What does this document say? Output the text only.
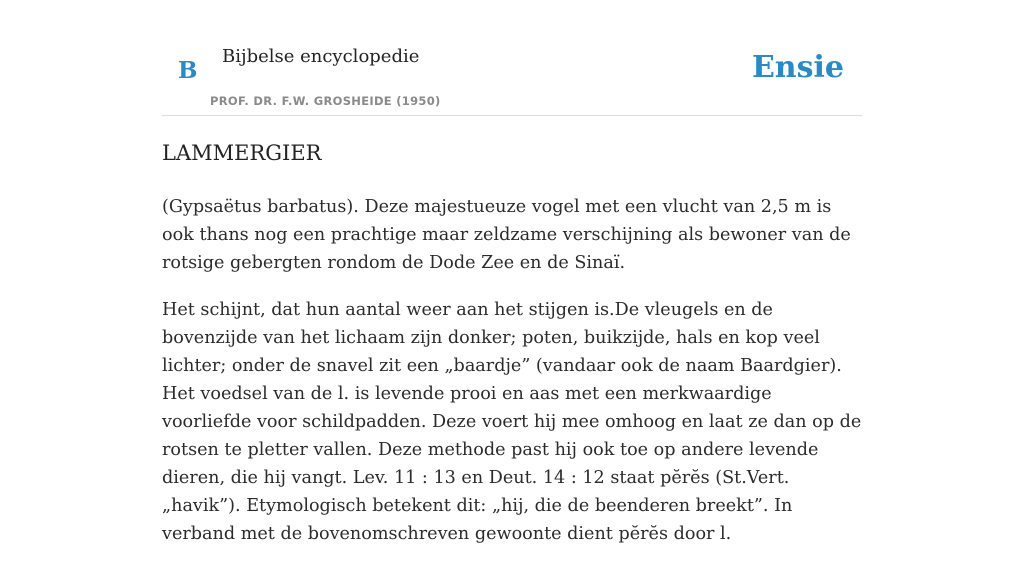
B
Bijbelse encyclopedie
PROF. DR. F.W. GROSHEIDE (1950)
Ensie
LAMMERGIER

(Gypsaëtus barbatus). Deze majestueuze vogel met een vlucht van 2,5 m is ook thans nog een prachtige maar zeldzame verschijning als bewoner van de rotsige gebergten rondom de Dode Zee en de Sinaï.

Het schijnt, dat hun aantal weer aan het stijgen is.De vleugels en de bovenzijde van het lichaam zijn donker; poten, buikzijde, hals en kop veel lichter; onder de snavel zit een „baardje” (vandaar ook de naam Baardgier). Het voedsel van de l. is levende prooi en aas met een merkwaardige voorliefde voor schildpadden. Deze voert hij mee omhoog en laat ze dan op de rotsen te pletter vallen. Deze methode past hij ook toe op andere levende dieren, die hij vangt. Lev. 11 : 13 en Deut. 14 : 12 staat pĕrĕs (St.Vert. „havik”). Etymologisch betekent dit: „hij, die de beenderen breekt”. In verband met de bovenomschreven gewoonte dient pĕrĕs door l.
